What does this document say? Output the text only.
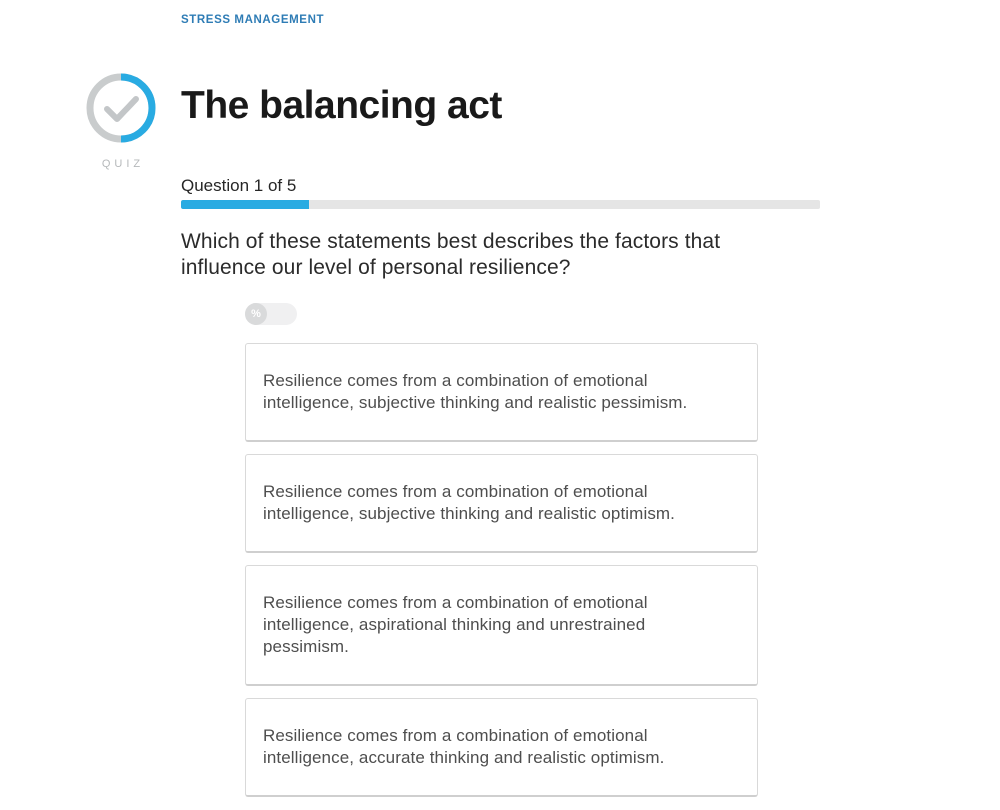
STRESS MANAGEMENT
QUIZ
The balancing act
Question 1 of 5
Which of these statements best describes the factors that influence our level of personal resilience?
%
Resilience comes from a combination of emotional intelligence, subjective thinking and realistic pessimism.
Resilience comes from a combination of emotional intelligence, subjective thinking and realistic optimism.
Resilience comes from a combination of emotional intelligence, aspirational thinking and unrestrained pessimism.
Resilience comes from a combination of emotional intelligence, accurate thinking and realistic optimism.
